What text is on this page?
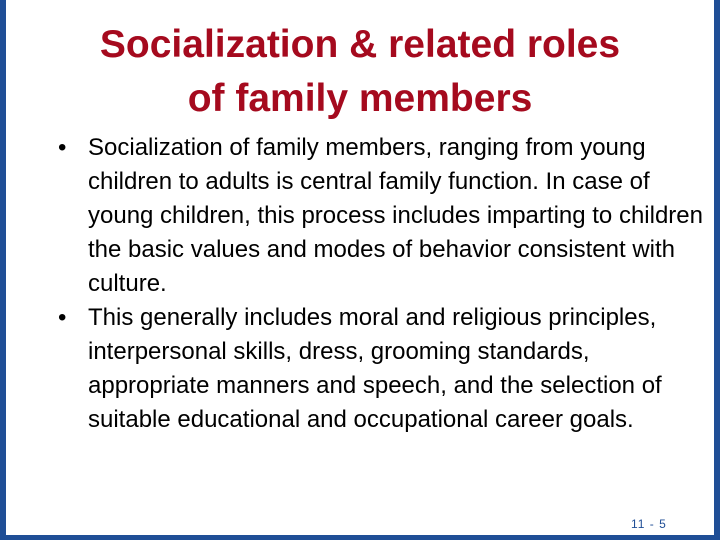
Socialization & related roles
of family members
• Socialization of family members, ranging from young children to adults is central family function. In case of young children, this process includes imparting to children the basic values and modes of behavior consistent with culture.
• This generally includes moral and religious principles, interpersonal skills, dress, grooming standards, appropriate manners and speech, and the selection of suitable educational and occupational career goals.
11 - 5
